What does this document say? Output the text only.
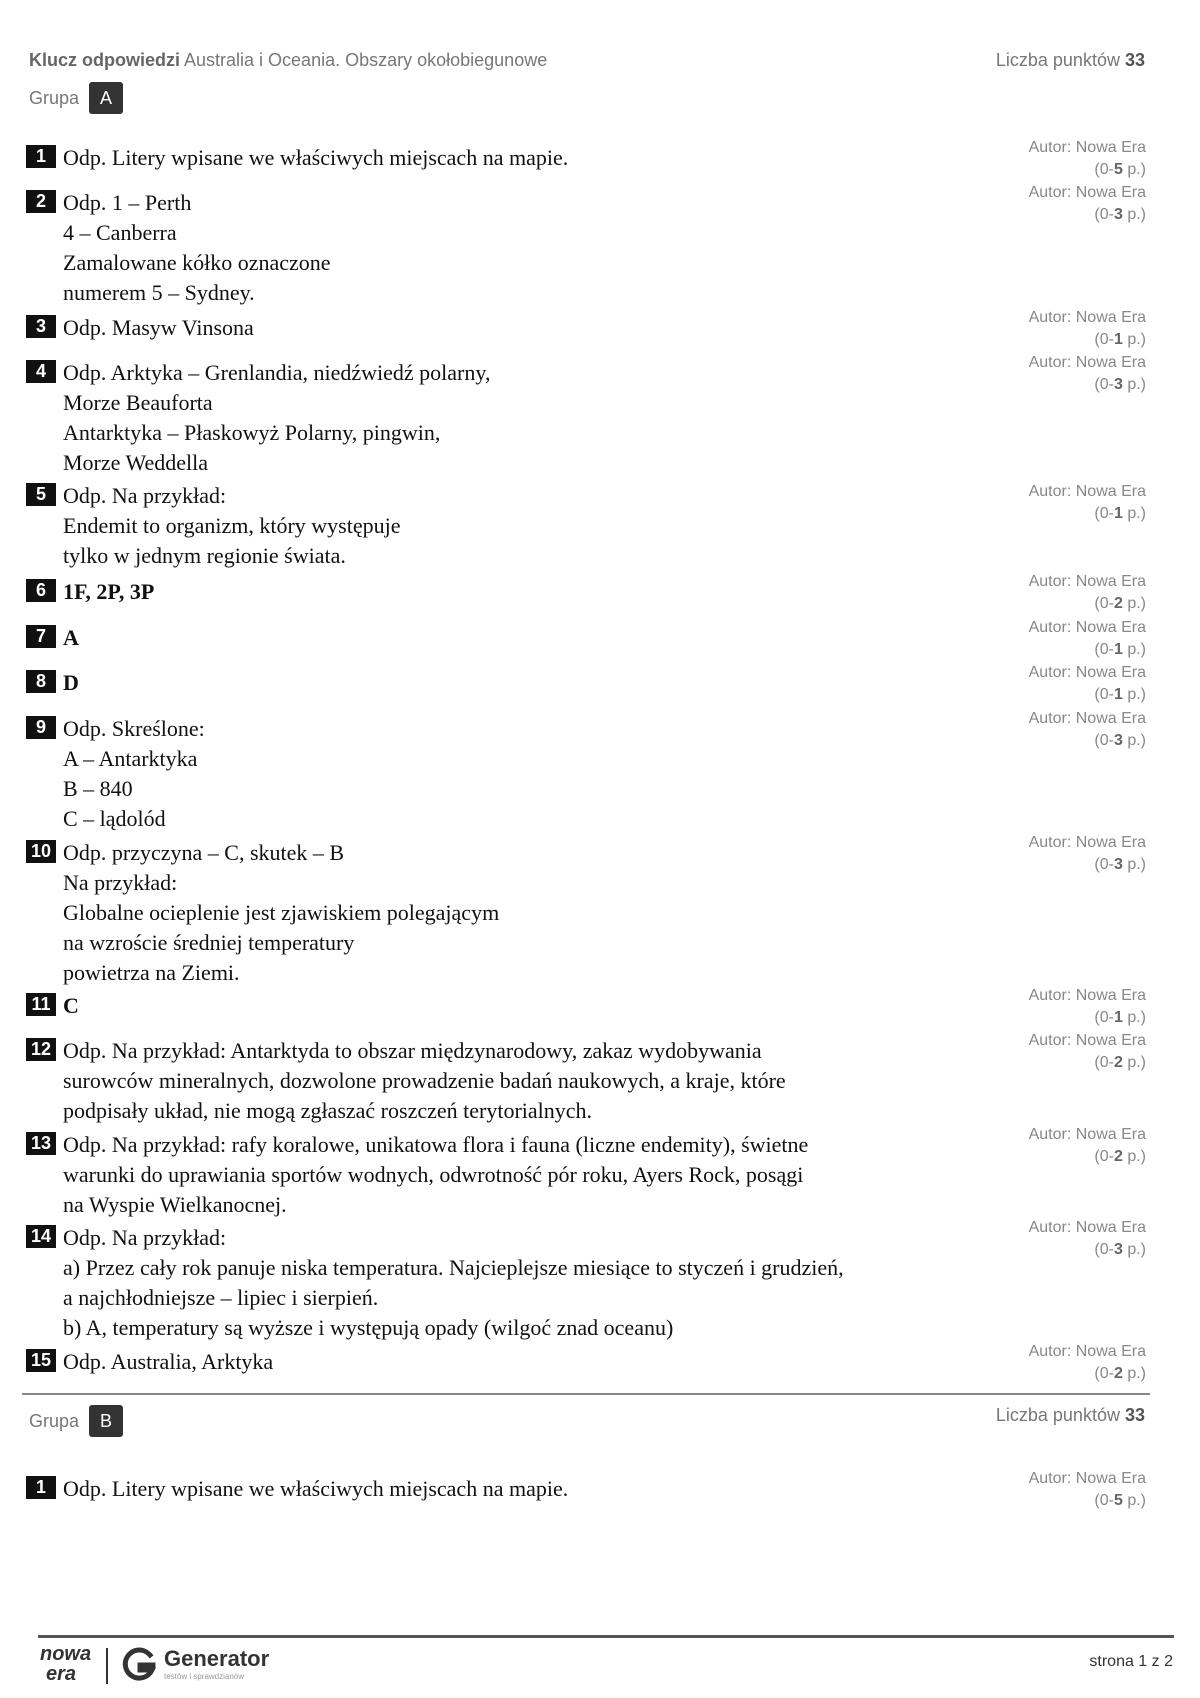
Klucz odpowiedzi Australia i Oceania. Obszary okołobiegunowe	Liczba punktów 33
Grupa	A
1 Odp. Litery wpisane we właściwych miejscach na mapie.	Autor: Nowa Era
(0-5 p.)
2 Odp. 1 – Perth
4 – Canberra
Zamalowane kółko oznaczone
numerem 5 – Sydney.
Autor: Nowa Era
(0-3 p.)
3 Odp. Masyw Vinsona	Autor: Nowa Era
(0-1 p.)
4 Odp. Arktyka – Grenlandia, niedźwiedź polarny,
Morze Beauforta
Antarktyka – Płaskowyż Polarny, pingwin,
Morze Weddella
Autor: Nowa Era
(0-3 p.)
5 Odp. Na przykład:
Endemit to organizm, który występuje
tylko w jednym regionie świata.
Autor: Nowa Era
(0-1 p.)
6 1F, 2P, 3P	Autor: Nowa Era
(0-2 p.)
7 A	Autor: Nowa Era
(0-1 p.)
8 D	Autor: Nowa Era
(0-1 p.)
9 Odp. Skreślone:
A – Antarktyka
B – 840
C – lądolód
Autor: Nowa Era
(0-3 p.)
10 Odp. przyczyna – C, skutek – B
Na przykład:
Globalne ocieplenie jest zjawiskiem polegającym
na wzroście średniej temperatury
powietrza na Ziemi.
Autor: Nowa Era
(0-3 p.)
11 C	Autor: Nowa Era
(0-1 p.)
12 Odp. Na przykład: Antarktyda to obszar międzynarodowy, zakaz wydobywania
surowców mineralnych, dozwolone prowadzenie badań naukowych, a kraje, które
podpisały układ, nie mogą zgłaszać roszczeń terytorialnych.
Autor: Nowa Era
(0-2 p.)
13 Odp. Na przykład: rafy koralowe, unikatowa flora i fauna (liczne endemity), świetne
warunki do uprawiania sportów wodnych, odwrotność pór roku, Ayers Rock, posągi
na Wyspie Wielkanocnej.
Autor: Nowa Era
(0-2 p.)
14 Odp. Na przykład:
a) Przez cały rok panuje niska temperatura. Najcieplejsze miesiące to styczeń i grudzień,
a najchłodniejsze – lipiec i sierpień.
b) A, temperatury są wyższe i występują opady (wilgoć znad oceanu)
Autor: Nowa Era
(0-3 p.)
15 Odp. Australia, Arktyka	Autor: Nowa Era
(0-2 p.)
Grupa	B	Liczba punktów 33
1 Odp. Litery wpisane we właściwych miejscach na mapie.	Autor: Nowa Era
(0-5 p.)
nowa
era
Generator
testów i sprawdzianów
strona 1 z 2
